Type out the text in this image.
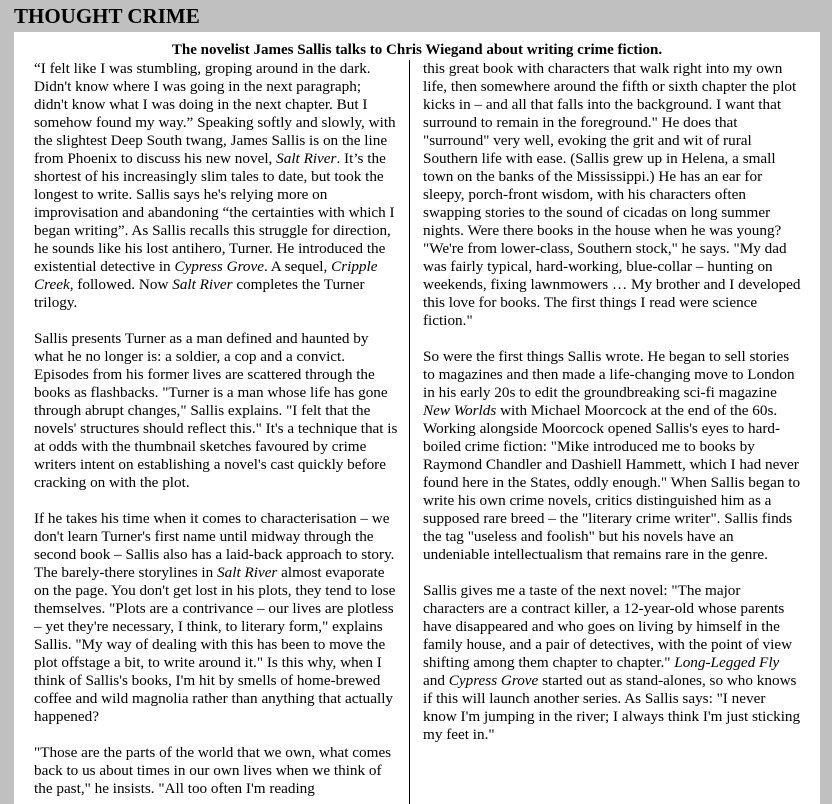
THOUGHT CRIME
The novelist James Sallis talks to Chris Wiegand about writing crime fiction.

“I felt like I was stumbling, groping around in the dark. Didn't know where I was going in the next paragraph; didn't know what I was doing in the next chapter. But I somehow found my way.” Speaking softly and slowly, with the slightest Deep South twang, James Sallis is on the line from Phoenix to discuss his new novel, Salt River. It’s the shortest of his increasingly slim tales to date, but took the longest to write. Sallis says he's relying more on improvisation and abandoning “the certainties with which I began writing”. As Sallis recalls this struggle for direction, he sounds like his lost antihero, Turner. He introduced the existential detective in Cypress Grove. A sequel, Cripple Creek, followed. Now Salt River completes the Turner trilogy.

Sallis presents Turner as a man defined and haunted by what he no longer is: a soldier, a cop and a convict. Episodes from his former lives are scattered through the books as flashbacks. "Turner is a man whose life has gone through abrupt changes," Sallis explains. "I felt that the novels' structures should reflect this." It's a technique that is at odds with the thumbnail sketches favoured by crime writers intent on establishing a novel's cast quickly before cracking on with the plot.

If he takes his time when it comes to characterisation – we don't learn Turner's first name until midway through the second book – Sallis also has a laid-back approach to story. The barely-there storylines in Salt River almost evaporate on the page. You don't get lost in his plots, they tend to lose themselves. "Plots are a contrivance – our lives are plotless – yet they're necessary, I think, to literary form," explains Sallis. "My way of dealing with this has been to move the plot offstage a bit, to write around it." Is this why, when I think of Sallis's books, I'm hit by smells of home-brewed coffee and wild magnolia rather than anything that actually happened?

"Those are the parts of the world that we own, what comes back to us about times in our own lives when we think of the past," he insists. "All too often I'm reading

this great book with characters that walk right into my own life, then somewhere around the fifth or sixth chapter the plot kicks in – and all that falls into the background. I want that surround to remain in the foreground." He does that "surround" very well, evoking the grit and wit of rural Southern life with ease. (Sallis grew up in Helena, a small town on the banks of the Mississippi.) He has an ear for sleepy, porch-front wisdom, with his characters often swapping stories to the sound of cicadas on long summer nights. Were there books in the house when he was young? "We're from lower-class, Southern stock," he says. "My dad was fairly typical, hard-working, blue-collar – hunting on weekends, fixing lawnmowers … My brother and I developed this love for books. The first things I read were science fiction."

So were the first things Sallis wrote. He began to sell stories to magazines and then made a life-changing move to London in his early 20s to edit the groundbreaking sci-fi magazine New Worlds with Michael Moorcock at the end of the 60s. Working alongside Moorcock opened Sallis's eyes to hard-boiled crime fiction: "Mike introduced me to books by Raymond Chandler and Dashiell Hammett, which I had never found here in the States, oddly enough." When Sallis began to write his own crime novels, critics distinguished him as a supposed rare breed – the "literary crime writer". Sallis finds the tag "useless and foolish" but his novels have an undeniable intellectualism that remains rare in the genre.

Sallis gives me a taste of the next novel: "The major characters are a contract killer, a 12-year-old whose parents have disappeared and who goes on living by himself in the family house, and a pair of detectives, with the point of view shifting among them chapter to chapter." Long-Legged Fly and Cypress Grove started out as stand-alones, so who knows if this will launch another series. As Sallis says: "I never know I'm jumping in the river; I always think I'm just sticking my feet in."
